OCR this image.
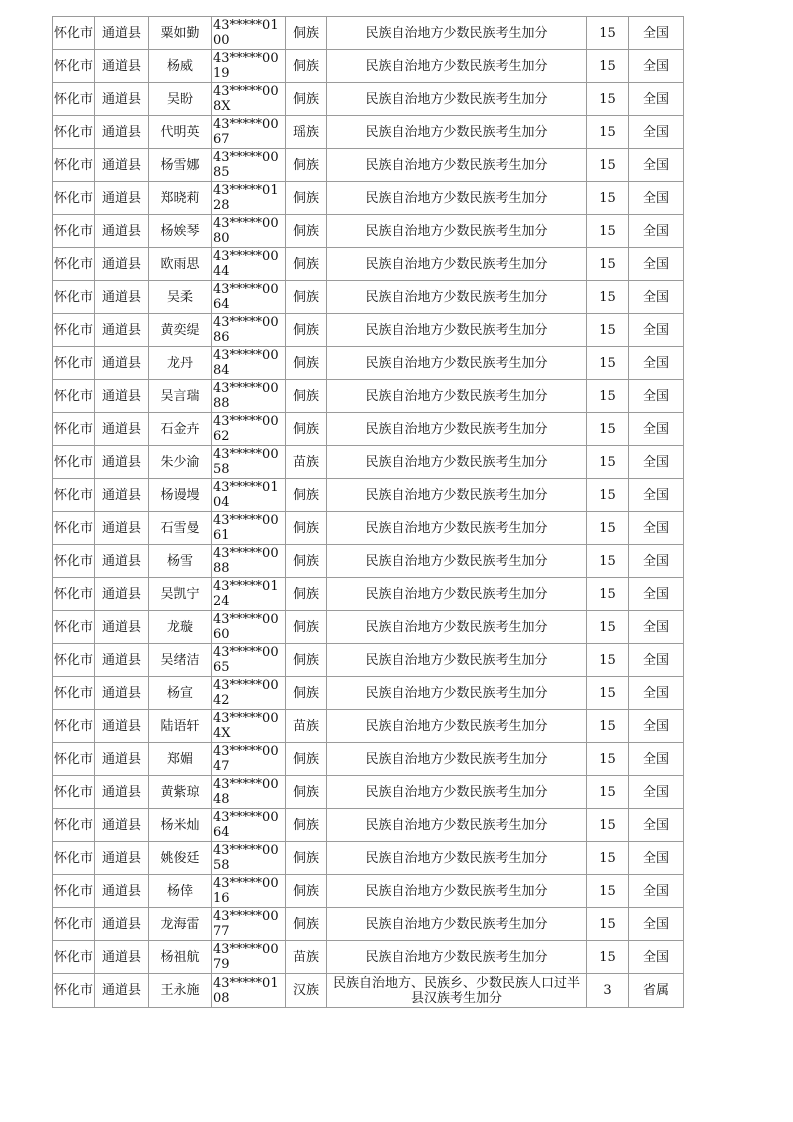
怀化市	通道县	粟如勤	43*****0100	侗族	民族自治地方少数民族考生加分	15	全国
怀化市	通道县	杨威	43*****0019	侗族	民族自治地方少数民族考生加分	15	全国
怀化市	通道县	吴盼	43*****008X	侗族	民族自治地方少数民族考生加分	15	全国
怀化市	通道县	代明英	43*****0067	瑶族	民族自治地方少数民族考生加分	15	全国
怀化市	通道县	杨雪娜	43*****0085	侗族	民族自治地方少数民族考生加分	15	全国
怀化市	通道县	郑晓莉	43*****0128	侗族	民族自治地方少数民族考生加分	15	全国
怀化市	通道县	杨娭琴	43*****0080	侗族	民族自治地方少数民族考生加分	15	全国
怀化市	通道县	欧雨思	43*****0044	侗族	民族自治地方少数民族考生加分	15	全国
怀化市	通道县	吴柔	43*****0064	侗族	民族自治地方少数民族考生加分	15	全国
怀化市	通道县	黄奕缇	43*****0086	侗族	民族自治地方少数民族考生加分	15	全国
怀化市	通道县	龙丹	43*****0084	侗族	民族自治地方少数民族考生加分	15	全国
怀化市	通道县	吴言瑞	43*****0088	侗族	民族自治地方少数民族考生加分	15	全国
怀化市	通道县	石金卉	43*****0062	侗族	民族自治地方少数民族考生加分	15	全国
怀化市	通道县	朱少渝	43*****0058	苗族	民族自治地方少数民族考生加分	15	全国
怀化市	通道县	杨谩墁	43*****0104	侗族	民族自治地方少数民族考生加分	15	全国
怀化市	通道县	石雪曼	43*****0061	侗族	民族自治地方少数民族考生加分	15	全国
怀化市	通道县	杨雪	43*****0088	侗族	民族自治地方少数民族考生加分	15	全国
怀化市	通道县	吴凯宁	43*****0124	侗族	民族自治地方少数民族考生加分	15	全国
怀化市	通道县	龙璇	43*****0060	侗族	民族自治地方少数民族考生加分	15	全国
怀化市	通道县	吴绪洁	43*****0065	侗族	民族自治地方少数民族考生加分	15	全国
怀化市	通道县	杨宣	43*****0042	侗族	民族自治地方少数民族考生加分	15	全国
怀化市	通道县	陆语轩	43*****004X	苗族	民族自治地方少数民族考生加分	15	全国
怀化市	通道县	郑媚	43*****0047	侗族	民族自治地方少数民族考生加分	15	全国
怀化市	通道县	黄紫琼	43*****0048	侗族	民族自治地方少数民族考生加分	15	全国
怀化市	通道县	杨米灿	43*****0064	侗族	民族自治地方少数民族考生加分	15	全国
怀化市	通道县	姚俊廷	43*****0058	侗族	民族自治地方少数民族考生加分	15	全国
怀化市	通道县	杨倖	43*****0016	侗族	民族自治地方少数民族考生加分	15	全国
怀化市	通道县	龙海雷	43*****0077	侗族	民族自治地方少数民族考生加分	15	全国
怀化市	通道县	杨祖航	43*****0079	苗族	民族自治地方少数民族考生加分	15	全国
怀化市	通道县	王永施	43*****0108	汉族	民族自治地方、民族乡、少数民族人口过半县汉族考生加分	3	省属
